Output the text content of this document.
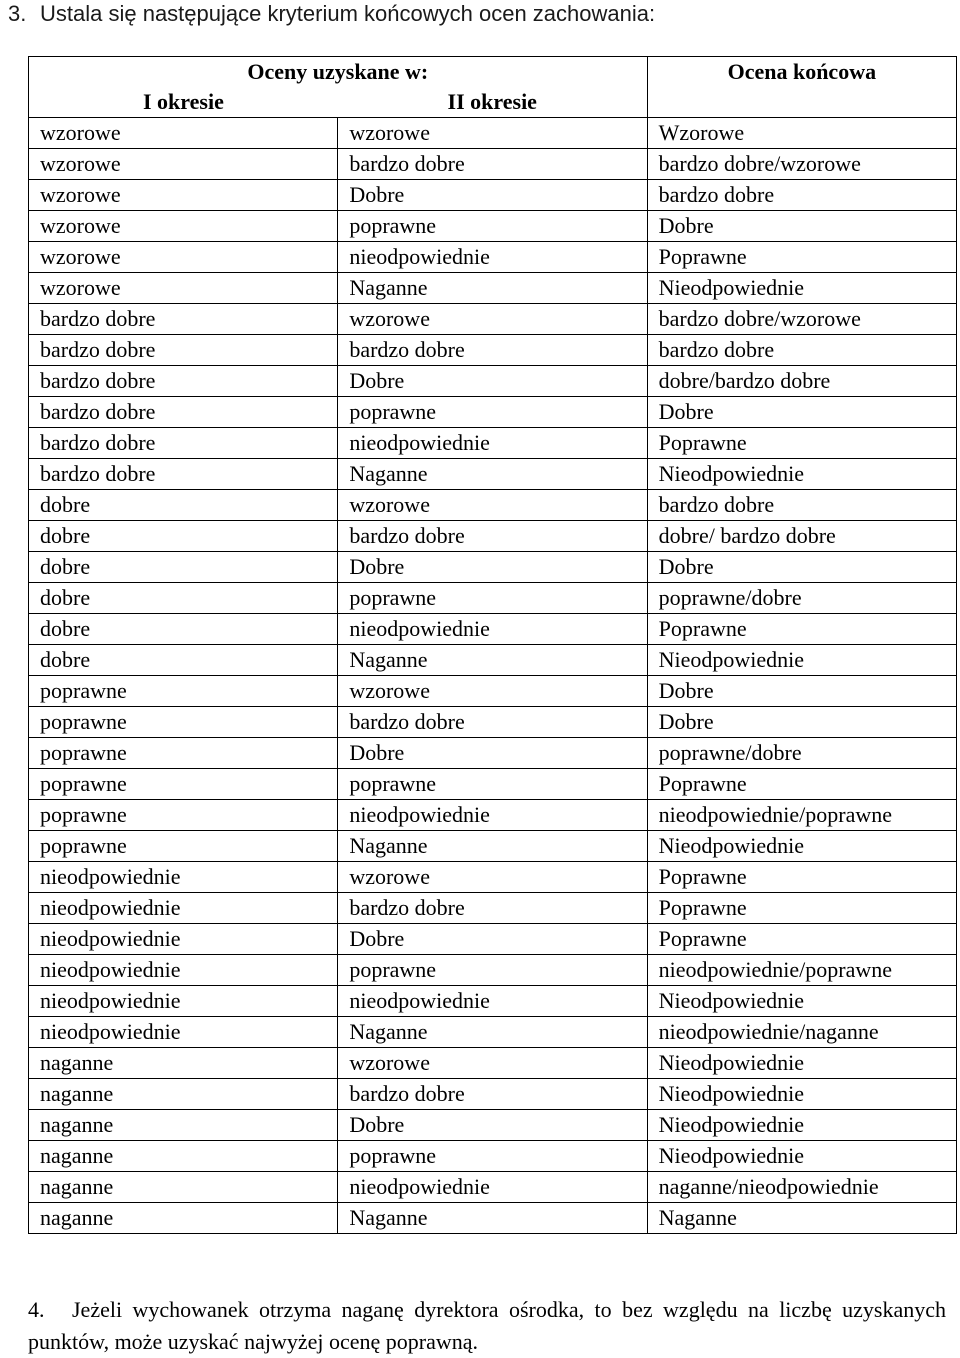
3. Ustala się następujące kryterium końcowych ocen zachowania:
Oceny uzyskane w:		Ocena końcowa
I okresie	II okresie	
wzorowe	wzorowe	Wzorowe
wzorowe	bardzo dobre	bardzo dobre/wzorowe
wzorowe	Dobre	bardzo dobre
wzorowe	poprawne	Dobre
wzorowe	nieodpowiednie	Poprawne
wzorowe	Naganne	Nieodpowiednie
bardzo dobre	wzorowe	bardzo dobre/wzorowe
bardzo dobre	bardzo dobre	bardzo dobre
bardzo dobre	Dobre	dobre/bardzo dobre
bardzo dobre	poprawne	Dobre
bardzo dobre	nieodpowiednie	Poprawne
bardzo dobre	Naganne	Nieodpowiednie
dobre	wzorowe	bardzo dobre
dobre	bardzo dobre	dobre/ bardzo dobre
dobre	Dobre	Dobre
dobre	poprawne	poprawne/dobre
dobre	nieodpowiednie	Poprawne
dobre	Naganne	Nieodpowiednie
poprawne	wzorowe	Dobre
poprawne	bardzo dobre	Dobre
poprawne	Dobre	poprawne/dobre
poprawne	poprawne	Poprawne
poprawne	nieodpowiednie	nieodpowiednie/poprawne
poprawne	Naganne	Nieodpowiednie
nieodpowiednie	wzorowe	Poprawne
nieodpowiednie	bardzo dobre	Poprawne
nieodpowiednie	Dobre	Poprawne
nieodpowiednie	poprawne	nieodpowiednie/poprawne
nieodpowiednie	nieodpowiednie	Nieodpowiednie
nieodpowiednie	Naganne	nieodpowiednie/naganne
naganne	wzorowe	Nieodpowiednie
naganne	bardzo dobre	Nieodpowiednie
naganne	Dobre	Nieodpowiednie
naganne	poprawne	Nieodpowiednie
naganne	nieodpowiednie	naganne/nieodpowiednie
naganne	Naganne	Naganne
4. Jeżeli wychowanek otrzyma naganę dyrektora ośrodka, to bez względu na liczbę uzyskanych punktów, może uzyskać najwyżej ocenę poprawną.
